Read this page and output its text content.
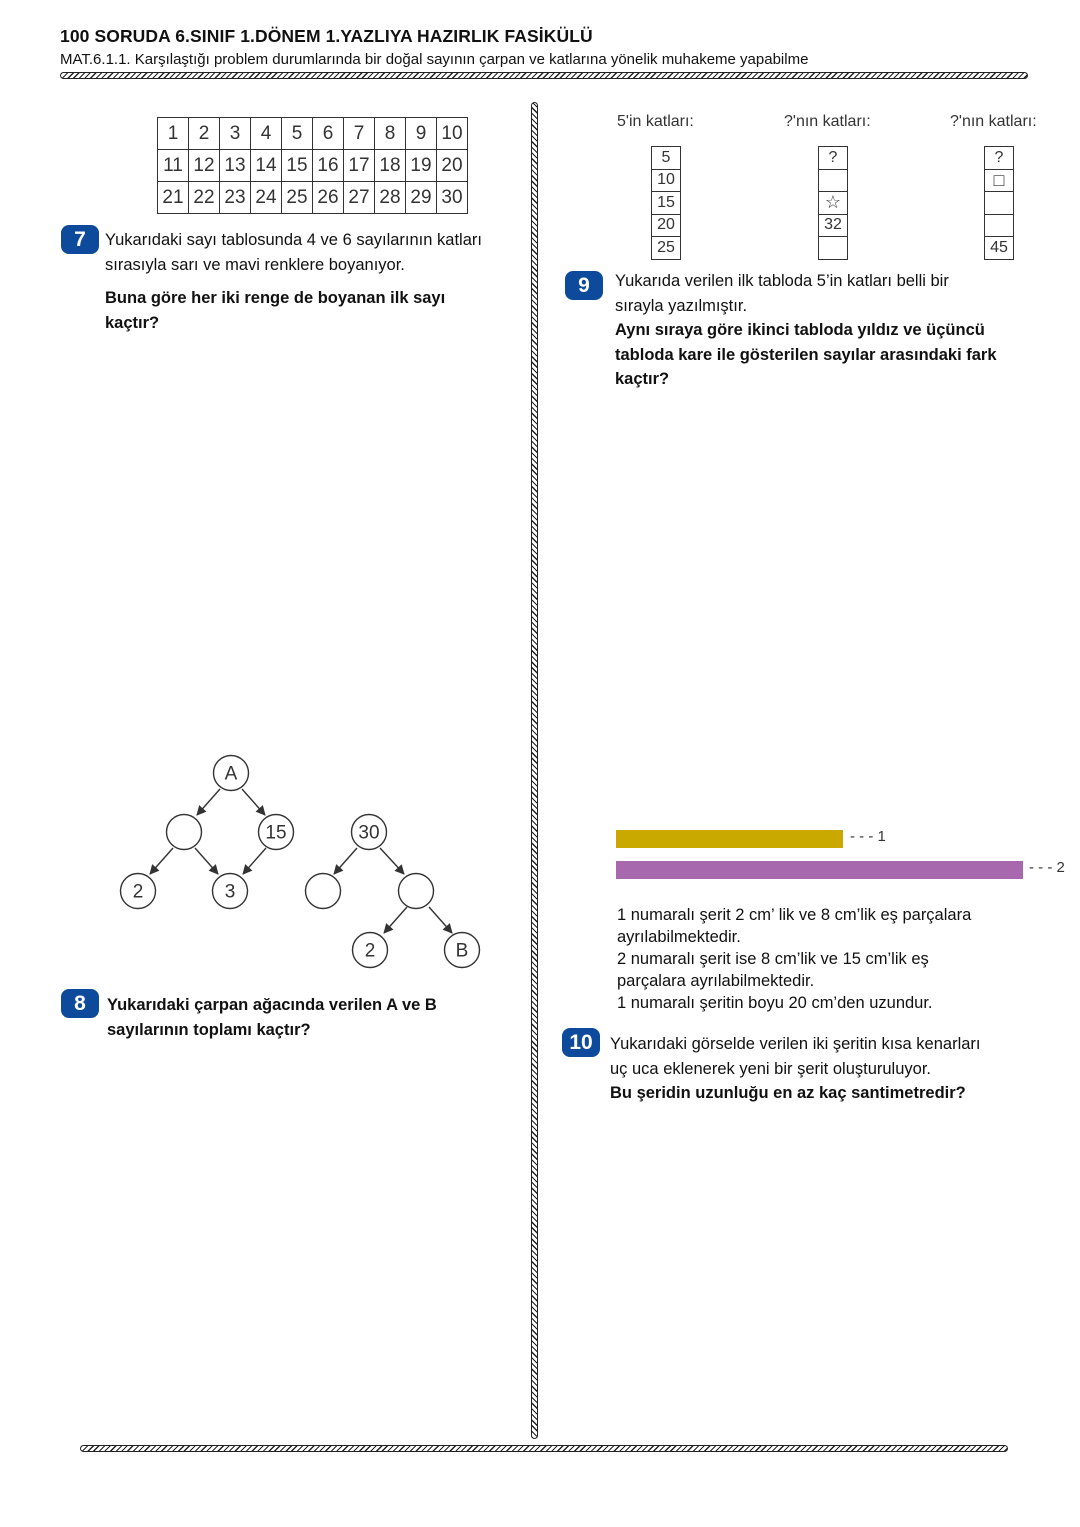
100 SORUDA 6.SINIF 1.DÖNEM 1.YAZLIYA HAZIRLIK FASİKÜLÜ
MAT.6.1.1. Karşılaştığı problem durumlarında bir doğal sayının çarpan ve katlarına yönelik muhakeme yapabilme
1	2	3	4	5	6	7	8	9	10
11	12	13	14	15	16	17	18	19	20
21	22	23	24	25	26	27	28	29	30
7	Yukarıdaki sayı tablosunda 4 ve 6 sayılarının katları
sırasıyla sarı ve mavi renklere boyanıyor.
Buna göre her iki renge de boyanan ilk sayı
kaçtır?
A
15	30
2	3
2	B
8	Yukarıdaki çarpan ağacında verilen A ve B
sayılarının toplamı kaçtır?
5'in katları:	?'nın katları:	?'nın katları:
5
10
15
20
25
?

☆
32

?
□

45
9	Yukarıda verilen ilk tabloda 5’in katları belli bir
sırayla yazılmıştır.
Aynı sıraya göre ikinci tabloda yıldız ve üçüncü
tabloda kare ile gösterilen sayılar arasındaki fark
kaçtır?
- - - 1
- - - 2
1 numaralı şerit 2 cm’ lik ve 8 cm’lik eş parçalara
ayrılabilmektedir.
2 numaralı şerit ise 8 cm’lik ve 15 cm’lik eş
parçalara ayrılabilmektedir.
1 numaralı şeritin boyu 20 cm’den uzundur.
10	Yukarıdaki görselde verilen iki şeritin kısa kenarları
uç uca eklenerek yeni bir şerit oluşturuluyor.
Bu şeridin uzunluğu en az kaç santimetredir?
